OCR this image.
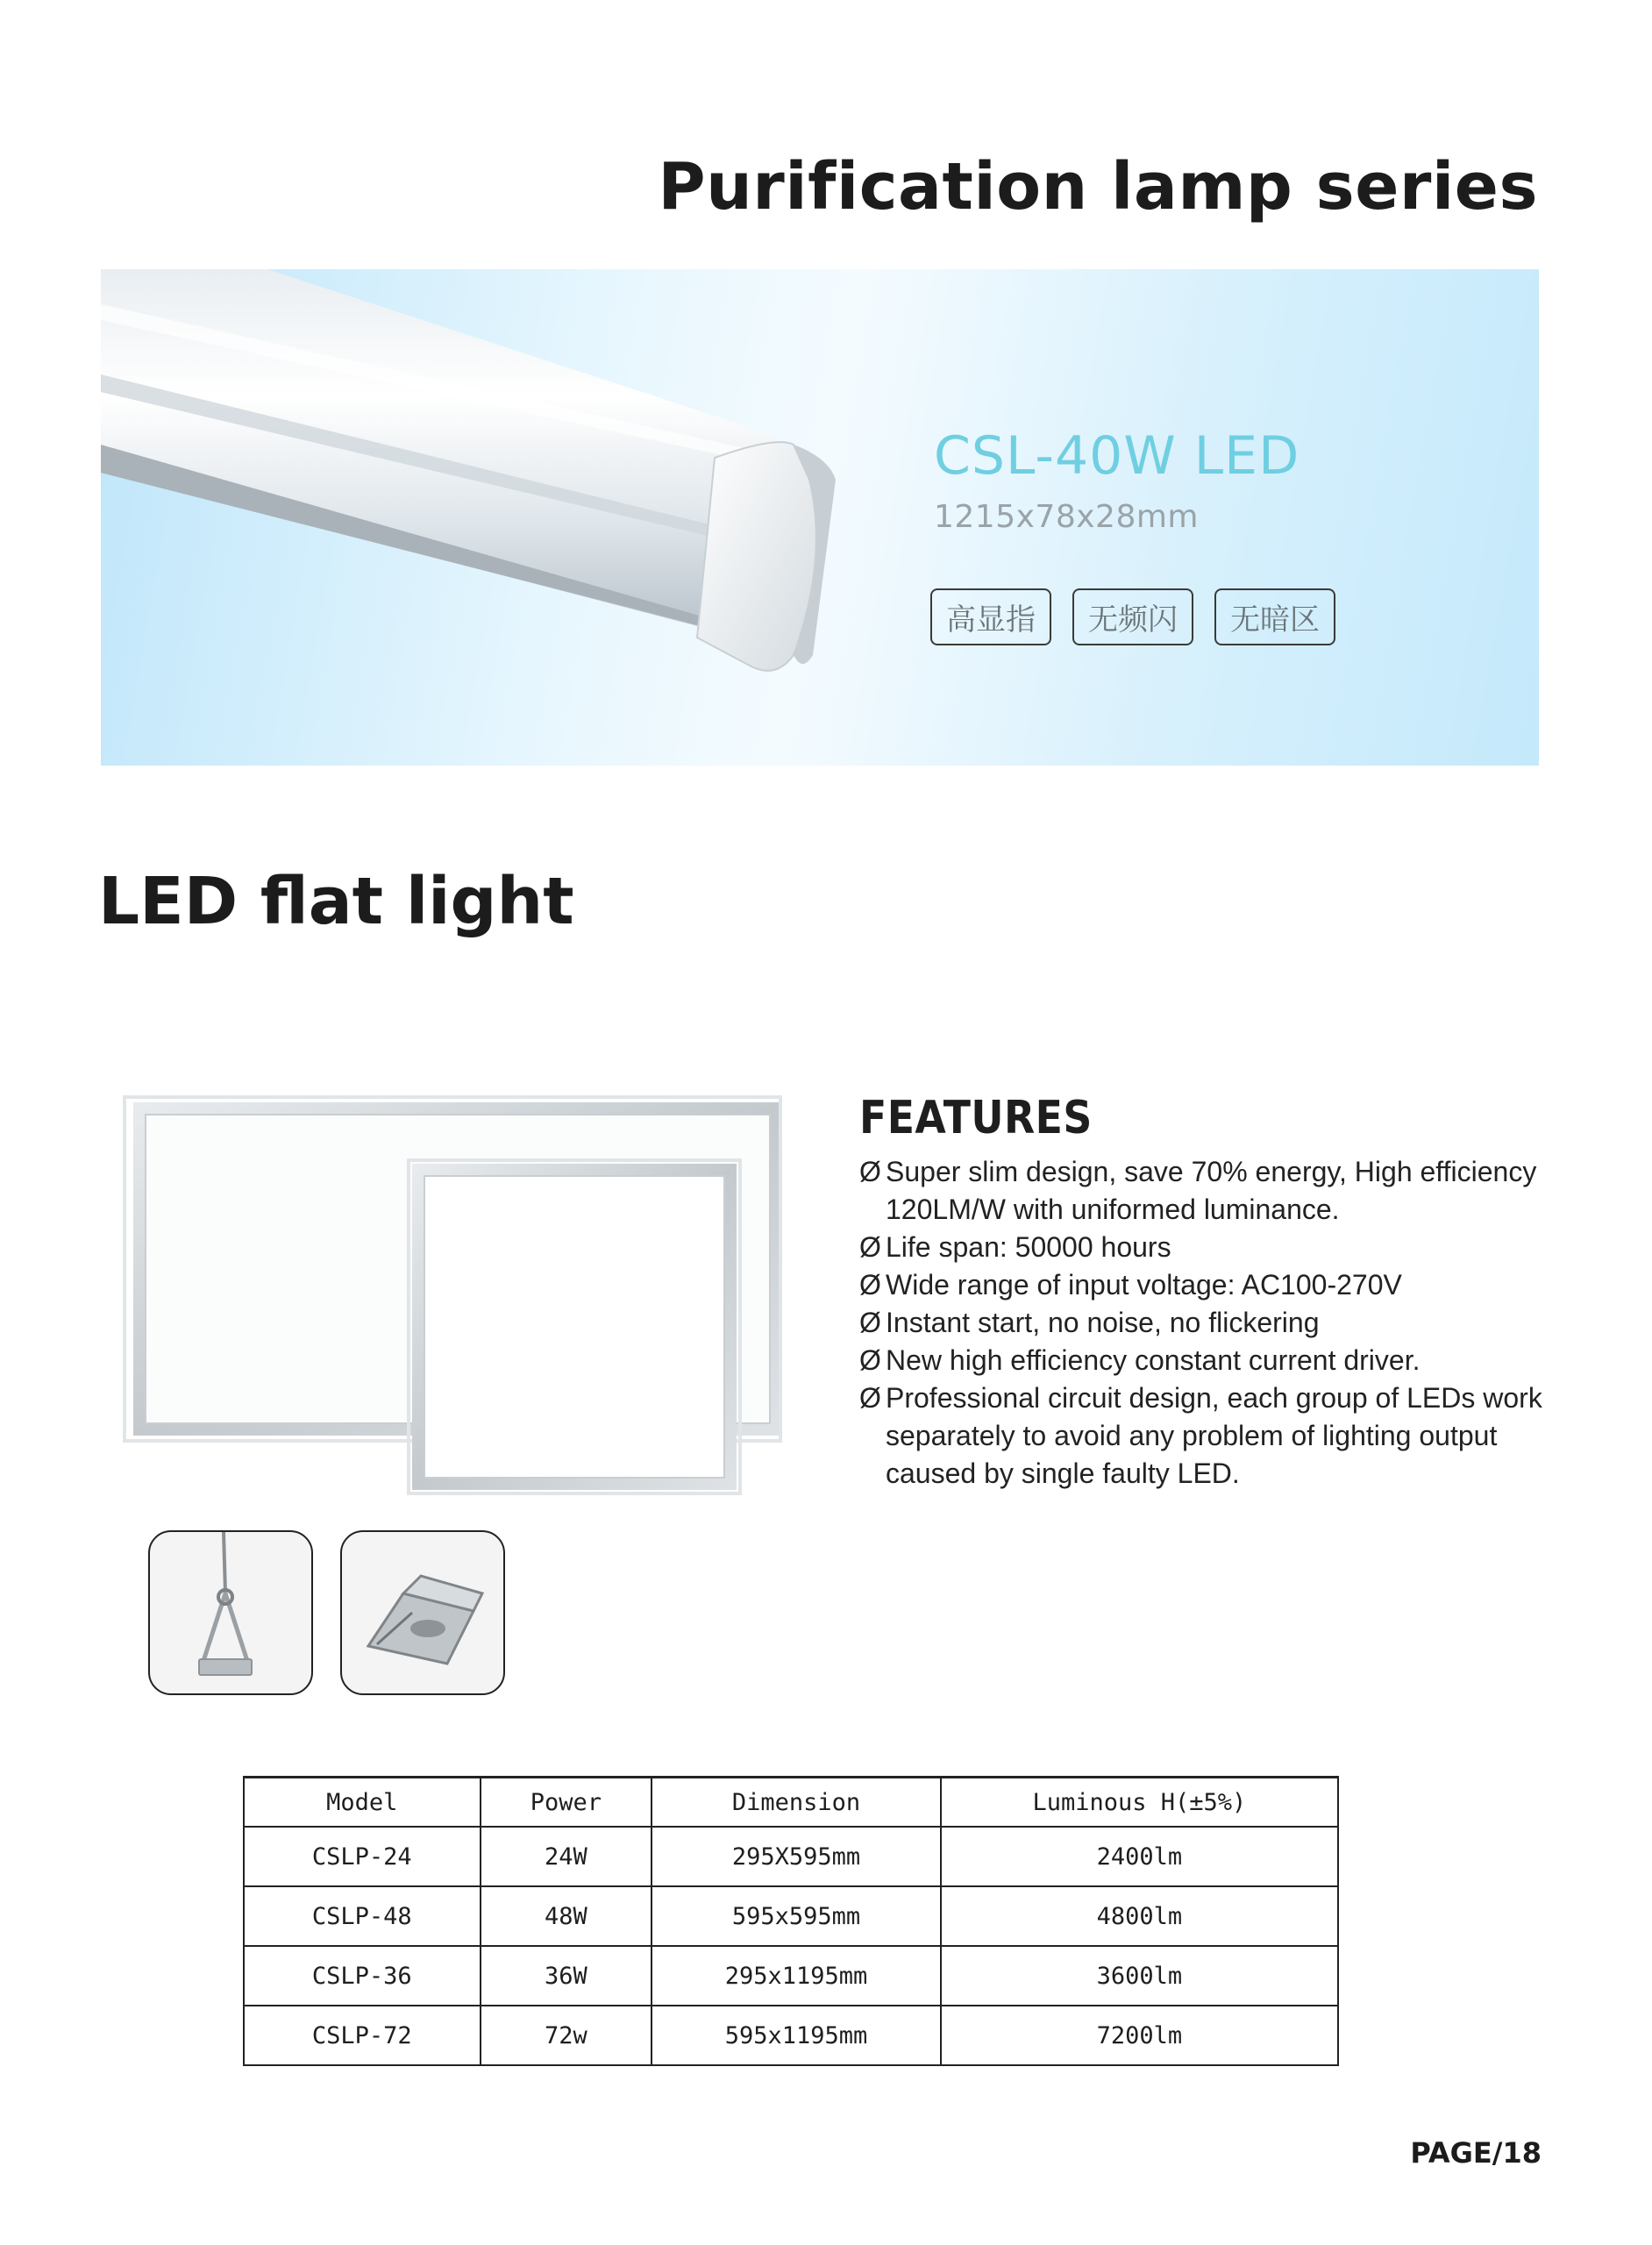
Purification lamp series
CSL-40W LED
1215x78x28mm
高显指	无频闪	无暗区
LED flat light
FEATURES
Ø Super slim design, save 70% energy, High efficiency 120LM/W with uniformed luminance.
Ø Life span: 50000 hours
Ø Wide range of input voltage: AC100-270V
Ø Instant start, no noise, no flickering
Ø New high efficiency constant current driver.
Ø Professional circuit design, each group of LEDs work separately to avoid any problem of lighting output caused by single faulty LED.
Model	Power	Dimension	Luminous H(±5%)
CSLP-24	24W	295X595mm	2400lm
CSLP-48	48W	595x595mm	4800lm
CSLP-36	36W	295x1195mm	3600lm
CSLP-72	72w	595x1195mm	7200lm
PAGE/18
